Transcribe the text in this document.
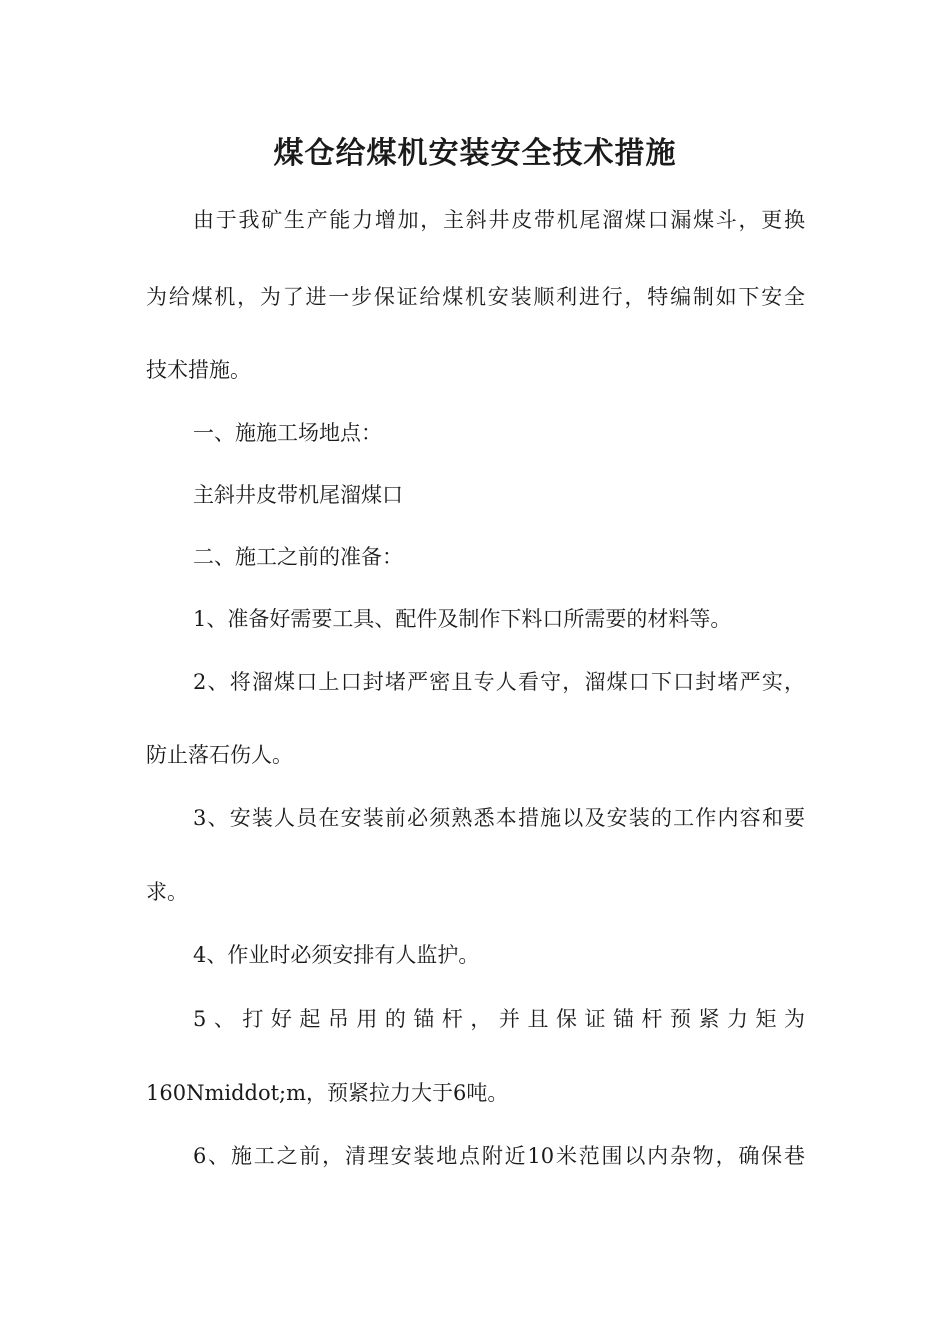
煤仓给煤机安装安全技术措施
由于我矿生产能力增加，主斜井皮带机尾溜煤口漏煤斗，更换
为给煤机，为了进一步保证给煤机安装顺利进行，特编制如下安全
技术措施。
一、施施工场地点：
主斜井皮带机尾溜煤口
二、施工之前的准备：
1、准备好需要工具、配件及制作下料口所需要的材料等。
2、将溜煤口上口封堵严密且专人看守，溜煤口下口封堵严实，
防止落石伤人。
3、安装人员在安装前必须熟悉本措施以及安装的工作内容和要
求。
4、作业时必须安排有人监护。
5、打好起吊用的锚杆，并且保证锚杆预紧力矩为
160Nmiddot;m，预紧拉力大于6吨。
6、施工之前，清理安装地点附近10米范围以内杂物，确保巷
